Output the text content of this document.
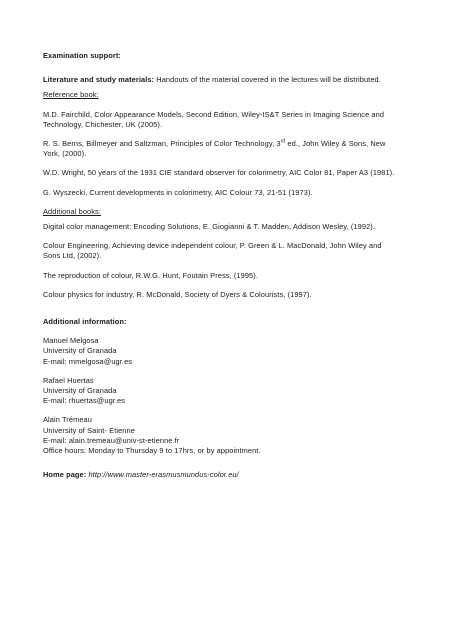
Examination support:

Literature and study materials: Handouts of the material covered in the lectures will be distributed.

Reference book:

M.D. Fairchild, Color Appearance Models, Second Edition, Wiley-IS&T Series in Imaging Science and Technology, Chichester, UK (2005).

R. S. Berns, Billmeyer and Saltzman, Principles of Color Technology, 3rd ed., John Wiley & Sons, New York, (2000).

W.D. Wright, 50 years of the 1931 CIE standard observer for colorimetry, AIC Color 81, Paper A3 (1981).

G. Wyszecki, Current developments in colorimetry, AIC Colour 73, 21-51 (1973).

Additional books:

Digital color management: Encoding Solutions, E. Giogianni & T. Madden, Addison Wesley, (1992).

Colour Engineering, Achieving device independent colour, P. Green & L. MacDonald, John Wiley and Sons Ltd, (2002).

The reproduction of colour, R.W.G. Hunt, Foutain Press, (1995).

Colour physics for industry, R. McDonald, Society of Dyers & Colourists, (1997).

Additional information:

Manuel Melgosa

University of Granada

E-mail: mmelgosa@ugr.es

Rafael Huertas

University of Granada

E-mail: rhuertas@ugr.es

Alain Trémeau

University of Saint- Etienne

E-mail: alain.tremeau@univ-st-etienne.fr

Office hours: Monday to Thursday 9 to 17hrs, or by appointment.

Home page: http://www.master-erasmusmundus-color.eu/
